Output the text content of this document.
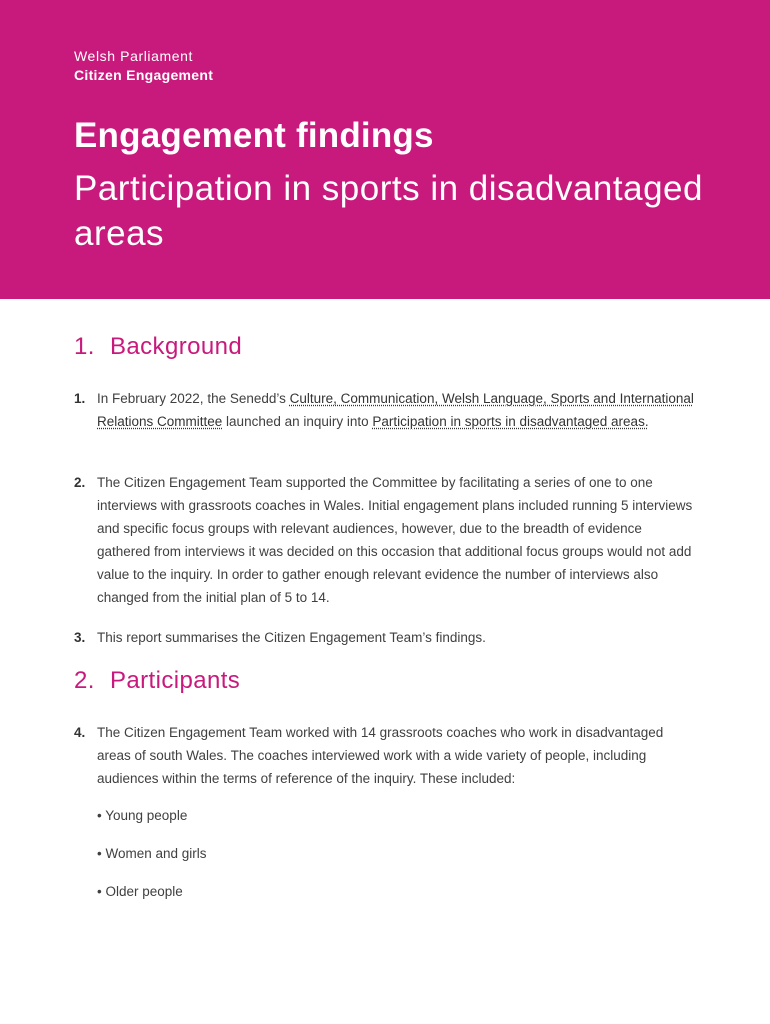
Welsh Parliament
Citizen Engagement
Engagement findings
Participation in sports in disadvantaged areas
1. Background
1. In February 2022, the Senedd’s Culture, Communication, Welsh Language, Sports and International Relations Committee launched an inquiry into Participation in sports in disadvantaged areas.
2. The Citizen Engagement Team supported the Committee by facilitating a series of one to one interviews with grassroots coaches in Wales. Initial engagement plans included running 5 interviews and specific focus groups with relevant audiences, however, due to the breadth of evidence gathered from interviews it was decided on this occasion that additional focus groups would not add value to the inquiry. In order to gather enough relevant evidence the number of interviews also changed from the initial plan of 5 to 14.
3. This report summarises the Citizen Engagement Team’s findings.
2. Participants
4. The Citizen Engagement Team worked with 14 grassroots coaches who work in disadvantaged areas of south Wales. The coaches interviewed work with a wide variety of people, including audiences within the terms of reference of the inquiry. These included:
• Young people
• Women and girls
• Older people
